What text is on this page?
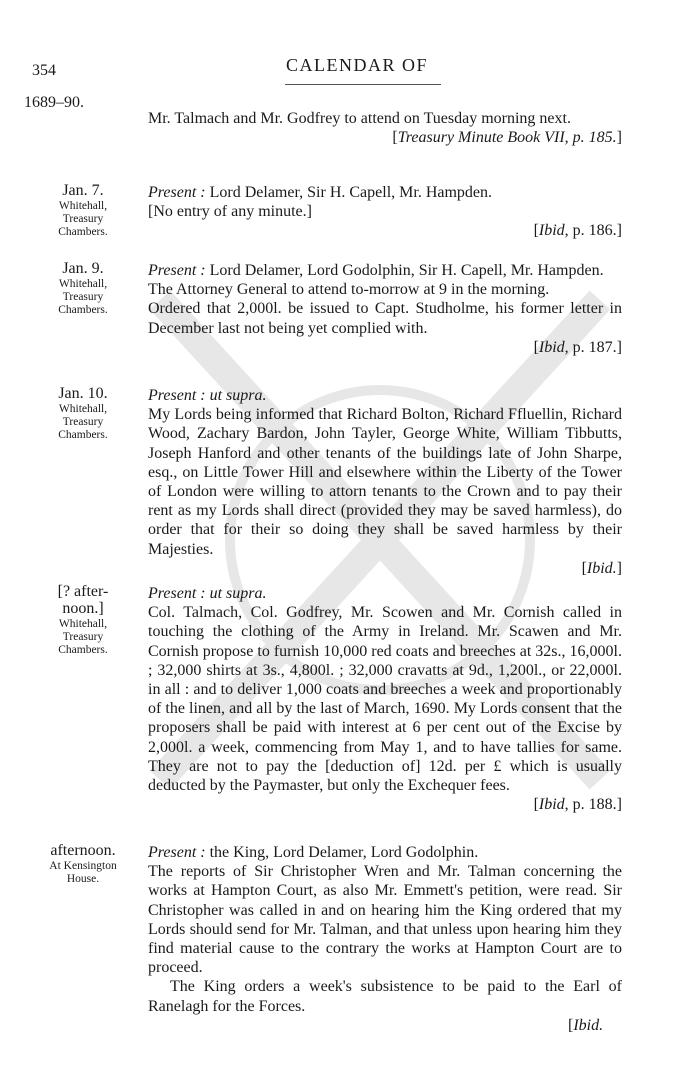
354	CALENDAR OF
1689–90.

Mr. Talmach and Mr. Godfrey to attend on Tuesday morning next.

[Treasury Minute Book VII, p. 185.]

Jan. 7.
Whitehall,
Treasury
Chambers.

Present : Lord Delamer, Sir H. Capell, Mr. Hampden.

[No entry of any minute.]

[Ibid, p. 186.]

Jan. 9.
Whitehall,
Treasury
Chambers.

Present : Lord Delamer, Lord Godolphin, Sir H. Capell, Mr. Hampden.

The Attorney General to attend to-morrow at 9 in the morning.

Ordered that 2,000l. be issued to Capt. Studholme, his former letter in December last not being yet complied with.

[Ibid, p. 187.]

Jan. 10.
Whitehall,
Treasury
Chambers.

Present : ut supra.

My Lords being informed that Richard Bolton, Richard Ffluellin, Richard Wood, Zachary Bardon, John Tayler, George White, William Tibbutts, Joseph Hanford and other tenants of the buildings late of John Sharpe, esq., on Little Tower Hill and elsewhere within the Liberty of the Tower of London were willing to attorn tenants to the Crown and to pay their rent as my Lords shall direct (provided they may be saved harmless), do order that for their so doing they shall be saved harmless by their Majesties.

[Ibid.]

[? after-
noon.]
Whitehall,
Treasury
Chambers.

Present : ut supra.

Col. Talmach, Col. Godfrey, Mr. Scowen and Mr. Cornish called in touching the clothing of the Army in Ireland. Mr. Scawen and Mr. Cornish propose to furnish 10,000 red coats and breeches at 32s., 16,000l. ; 32,000 shirts at 3s., 4,800l. ; 32,000 cravatts at 9d., 1,200l., or 22,000l. in all : and to deliver 1,000 coats and breeches a week and proportionably of the linen, and all by the last of March, 1690. My Lords consent that the proposers shall be paid with interest at 6 per cent out of the Excise by 2,000l. a week, commencing from May 1, and to have tallies for same. They are not to pay the [deduction of] 12d. per £ which is usually deducted by the Paymaster, but only the Exchequer fees.

[Ibid, p. 188.]

afternoon.
At Kensington
House.

Present : the King, Lord Delamer, Lord Godolphin.

The reports of Sir Christopher Wren and Mr. Talman concerning the works at Hampton Court, as also Mr. Emmett's petition, were read. Sir Christopher was called in and on hearing him the King ordered that my Lords should send for Mr. Talman, and that unless upon hearing him they find material cause to the contrary the works at Hampton Court are to proceed.

The King orders a week's subsistence to be paid to the Earl of Ranelagh for the Forces.

[Ibid.
